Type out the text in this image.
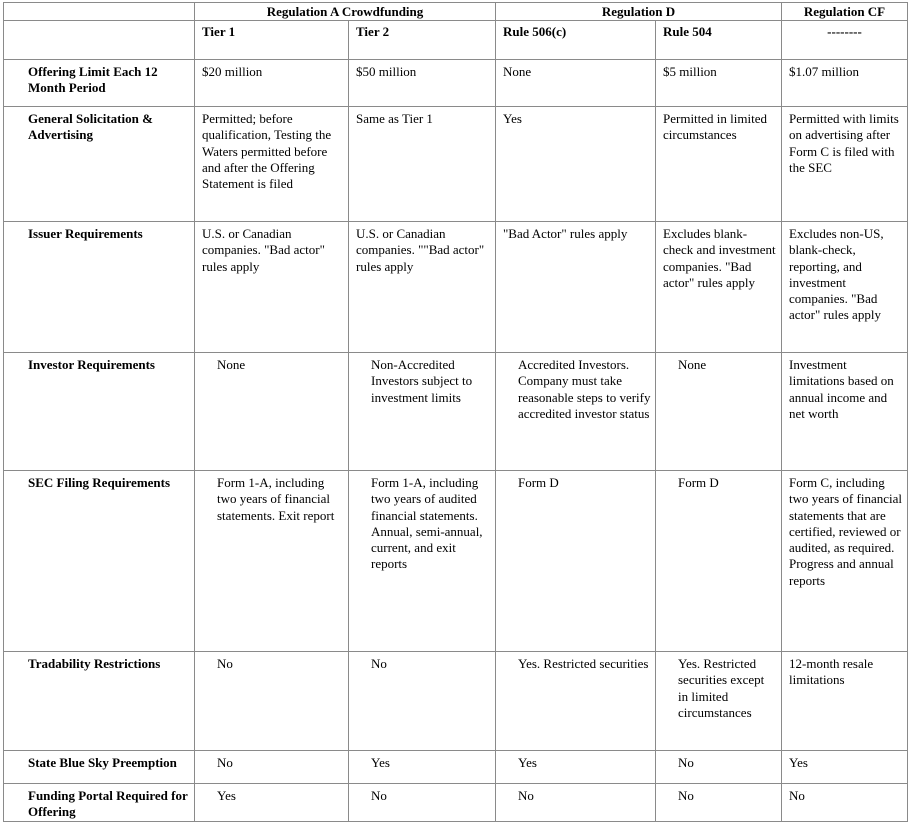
	Regulation A Crowdfunding		Regulation D		Regulation CF

	Tier 1	Tier 2	Rule 506(c)	Rule 504	--------

Offering Limit Each 12 Month Period	$20 million	$50 million	None	$5 million	$1.07 million

General Solicitation & Advertising	Permitted; before qualification, Testing the Waters permitted before and after the Offering Statement is filed	Same as Tier 1	Yes	Permitted in limited circumstances	Permitted with limits on advertising after Form C is filed with the SEC

Issuer Requirements	U.S. or Canadian companies. "Bad actor" rules apply	U.S. or Canadian companies. ""Bad actor" rules apply	"Bad Actor" rules apply	Excludes blank-check and investment companies. "Bad actor" rules apply	Excludes non-US, blank-check, reporting, and investment companies. "Bad actor" rules apply

Investor Requirements	None	Non-Accredited Investors subject to investment limits	Accredited Investors. Company must take reasonable steps to verify accredited investor status	None	Investment limitations based on annual income and net worth

SEC Filing Requirements	Form 1-A, including two years of financial statements. Exit report	Form 1-A, including two years of audited financial statements. Annual, semi-annual, current, and exit reports	Form D	Form D	Form C, including two years of financial statements that are certified, reviewed or audited, as required. Progress and annual reports

Tradability Restrictions	No	No	Yes. Restricted securities	Yes. Restricted securities except in limited circumstances	12-month resale limitations

State Blue Sky Preemption	No	Yes	Yes	No	Yes

Funding Portal Required for Offering	Yes	No	No	No	No
